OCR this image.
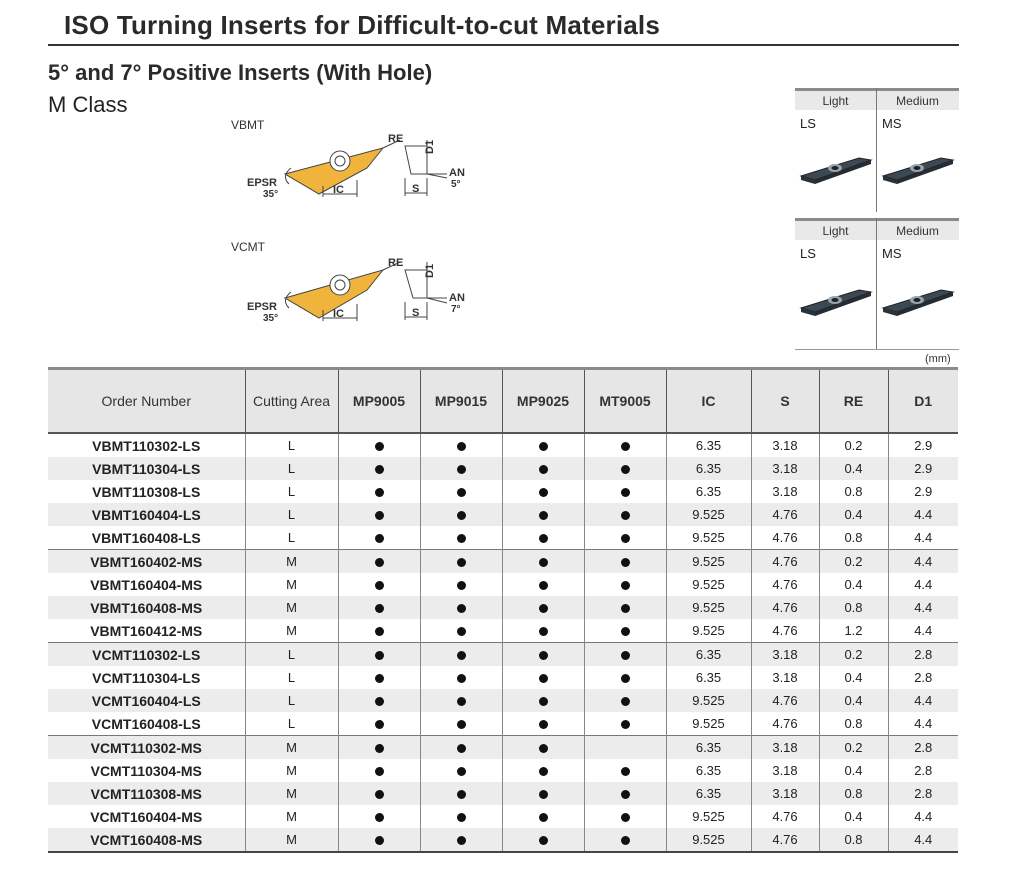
ISO Turning Inserts for Difficult-to-cut Materials
5° and 7° Positive Inserts (With Hole)
M Class
VBMT
RE
D1
AN
5°
EPSR
35°	IC	S
VCMT
RE
D1
AN
7°
EPSR
35°	IC	S
Light	Medium
LS	MS
Light	Medium
LS	MS
(mm)
Order Number	Cutting Area	MP9005	MP9015	MP9025	MT9005	IC	S	RE	D1
VBMT110302-LS	L					6.35	3.18	0.2	2.9
VBMT110304-LS	L					6.35	3.18	0.4	2.9
VBMT110308-LS	L					6.35	3.18	0.8	2.9
VBMT160404-LS	L					9.525	4.76	0.4	4.4
VBMT160408-LS	L					9.525	4.76	0.8	4.4
VBMT160402-MS	M					9.525	4.76	0.2	4.4
VBMT160404-MS	M					9.525	4.76	0.4	4.4
VBMT160408-MS	M					9.525	4.76	0.8	4.4
VBMT160412-MS	M					9.525	4.76	1.2	4.4
VCMT110302-LS	L					6.35	3.18	0.2	2.8
VCMT110304-LS	L					6.35	3.18	0.4	2.8
VCMT160404-LS	L					9.525	4.76	0.4	4.4
VCMT160408-LS	L					9.525	4.76	0.8	4.4
VCMT110302-MS	M					6.35	3.18	0.2	2.8
VCMT110304-MS	M					6.35	3.18	0.4	2.8
VCMT110308-MS	M					6.35	3.18	0.8	2.8
VCMT160404-MS	M					9.525	4.76	0.4	4.4
VCMT160408-MS	M					9.525	4.76	0.8	4.4
